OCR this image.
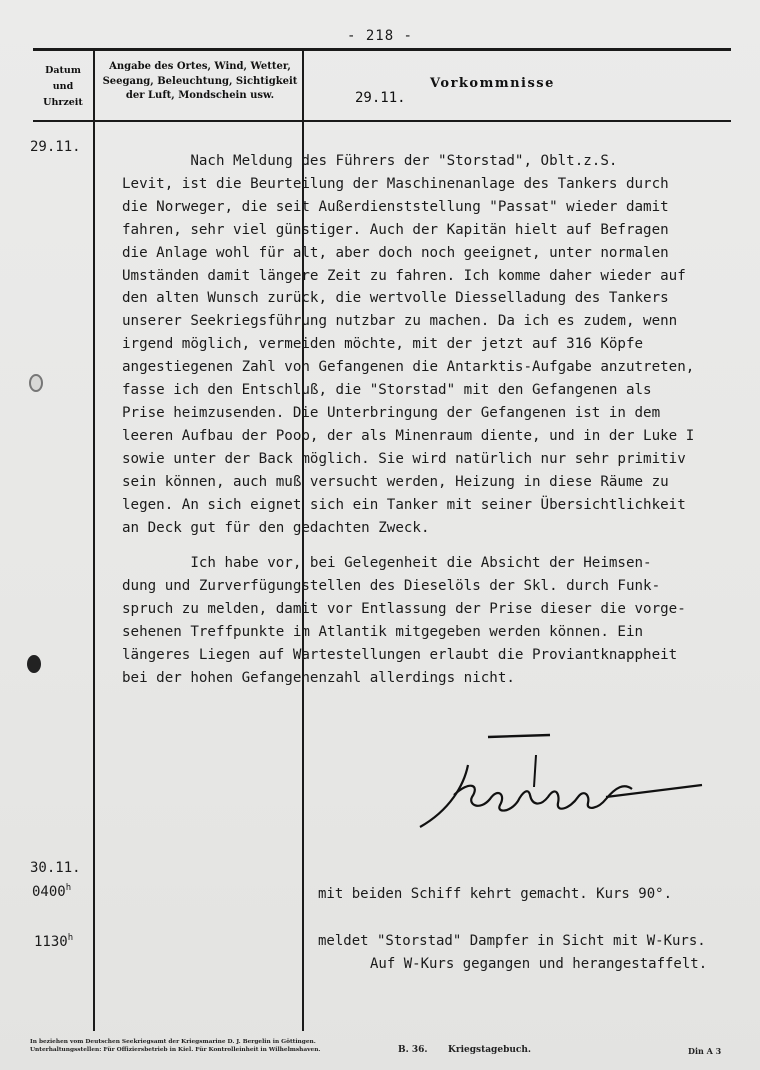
- 218 -
Datum und Uhrzeit
Angabe des Ortes, Wind, Wetter, Seegang, Beleuchtung, Sichtigkeit der Luft, Mondschein usw.
Vorkommnisse
29.11.
29.11.
Nach Meldung des Führers der "Storstad", Oblt.z.S.
Levit, ist die Beurteilung der Maschinenanlage des Tankers durch
die Norweger, die seit Außerdienststellung "Passat" wieder damit
fahren, sehr viel günstiger. Auch der Kapitän hielt auf Befragen
die Anlage wohl für alt, aber doch noch geeignet, unter normalen
Umständen damit längere Zeit zu fahren. Ich komme daher wieder auf
den alten Wunsch zurück, die wertvolle Diesselladung des Tankers
unserer Seekriegsführung nutzbar zu machen. Da ich es zudem, wenn
irgend möglich, vermeiden möchte, mit der jetzt auf 316 Köpfe
angestiegenen Zahl von Gefangenen die Antarktis-Aufgabe anzutreten,
fasse ich den Entschluß, die "Storstad" mit den Gefangenen als
Prise heimzusenden. Die Unterbringung der Gefangenen ist in dem
leeren Aufbau der Poop, der als Minenraum diente, und in der Luke I
sowie unter der Back möglich. Sie wird natürlich nur sehr primitiv
sein können, auch muß versucht werden, Heizung in diese Räume zu
legen. An sich eignet sich ein Tanker mit seiner Übersichtlichkeit
an Deck gut für den gedachten Zweck.
Ich habe vor, bei Gelegenheit die Absicht der Heimsen-
dung und Zurverfügungstellen des Dieselöls der Skl. durch Funk-
spruch zu melden, damit vor Entlassung der Prise dieser die vorge-
sehenen Treffpunkte im Atlantik mitgegeben werden können. Ein
längeres Liegen auf Wartestellungen erlaubt die Proviantknappheit
bei der hohen Gefangenenzahl allerdings nicht.
30.11.
0400$^h$	mit beiden Schiff kehrt gemacht. Kurs 90°.
1130$^h$	meldet "Storstad" Dampfer in Sicht mit W-Kurs.
Auf W-Kurs gegangen und herangestaffelt.
In beziehen vom Deutschen Seekriegsamt der Kriegsmarine D. J. Bergelin in Göttingen. Unterhaltungsstellen: Für Offiziersbetrieb in Kiel. Für Kontrolleinheit in Wilhelmshaven.	B. 36. Kriegstagebuch.	Din A 3
